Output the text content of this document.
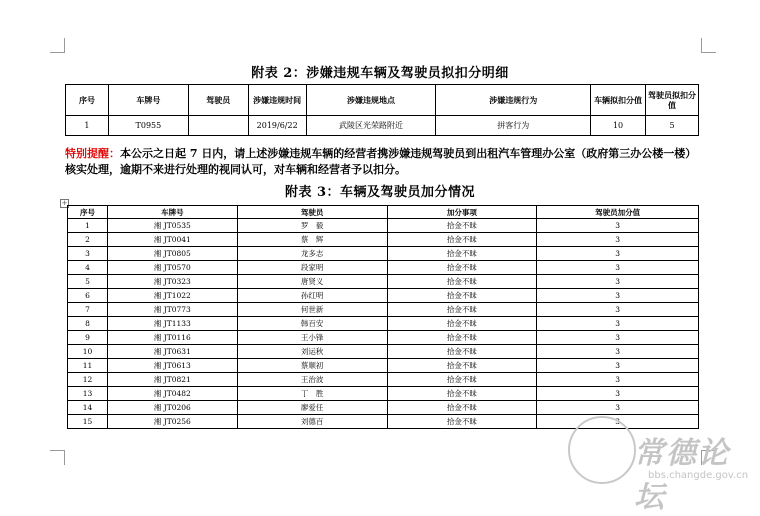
附表 2：涉嫌违规车辆及驾驶员拟扣分明细
序号	车牌号	驾驶员	涉嫌违规时间	涉嫌违规地点	涉嫌违规行为	车辆拟扣分值	驾驶员拟扣分值
1	T0955		2019/6/22	武陵区光荣路附近	拼客行为	10	5
特别提醒：本公示之日起 7 日内，请上述涉嫌违规车辆的经营者携涉嫌违规驾驶员到出租汽车管理办公室（政府第三办公楼一楼）核实处理，逾期不来进行处理的视同认可，对车辆和经营者予以扣分。
附表 3：车辆及驾驶员加分情况
+
序号	车牌号	驾驶员	加分事项	驾驶员加分值
1	湘 JT0535	罗　毅	拾金不昧	3
2	湘 JT0041	蔡　辉	拾金不昧	3
3	湘 JT0805	龙多志	拾金不昧	3
4	湘 JT0570	段家明	拾金不昧	3
5	湘 JT0323	唐贤义	拾金不昧	3
6	湘 JT1022	孙红明	拾金不昧	3
7	湘 JT0773	何世新	拾金不昧	3
8	湘 JT1133	韩百安	拾金不昧	3
9	湘 JT0116	王小锋	拾金不昧	3
10	湘 JT0631	刘运秋	拾金不昧	3
11	湘 JT0613	蔡顺初	拾金不昧	3
12	湘 JT0821	王治波	拾金不昧	3
13	湘 JT0482	丁　胜	拾金不昧	3
14	湘 JT0206	廖爱任	拾金不昧	3
15	湘 JT0256	刘德百	拾金不昧	3
常德论坛
bbs.changde.gov.cn
